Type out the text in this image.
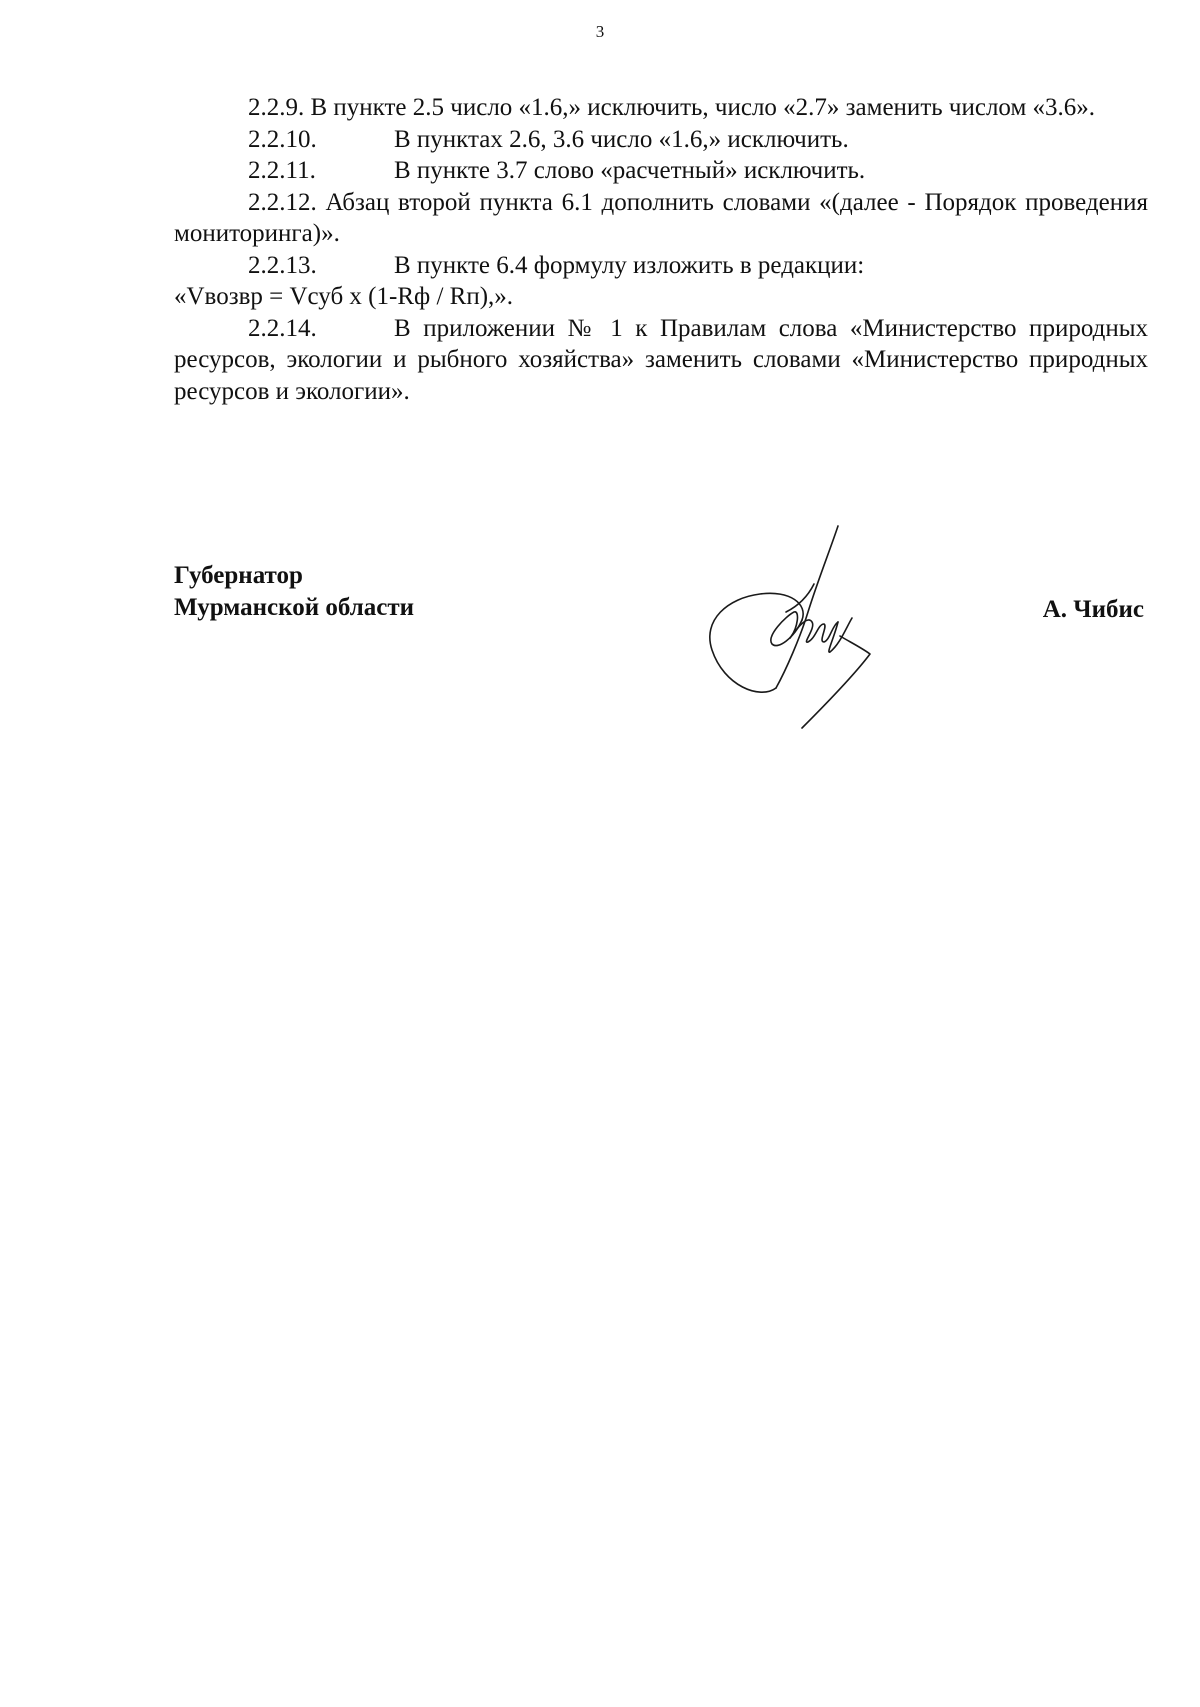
3

2.2.9. В пункте 2.5 число «1.6,» исключить, число «2.7» заменить числом «3.6».

2.2.10.	В пунктах 2.6, 3.6 число «1.6,» исключить.

2.2.11.	В пункте 3.7 слово «расчетный» исключить.

2.2.12. Абзац второй пункта 6.1 дополнить словами «(далее - Порядок проведения мониторинга)».

2.2.13.	В пункте 6.4 формулу изложить в редакции:

«Vвозвр = Vсуб х (1-Rф / Rп),».

2.2.14.	В приложении № 1 к Правилам слова «Министерство природных ресурсов, экологии и рыбного хозяйства» заменить словами «Министерство природных ресурсов и экологии».

Губернатор
Мурманской области	А. Чибис
